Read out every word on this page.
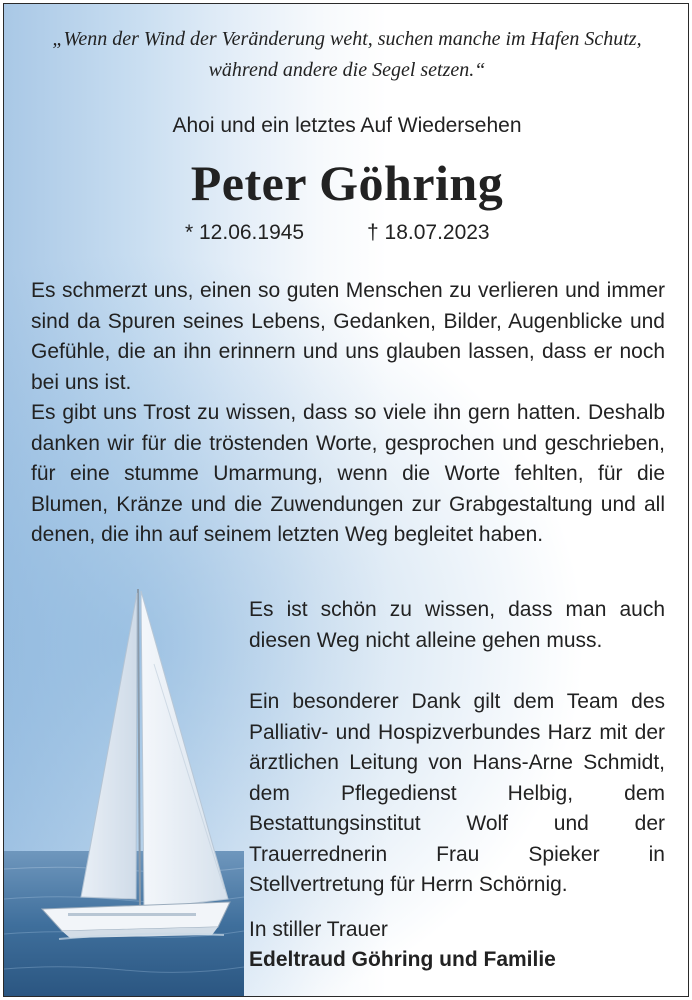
„Wenn der Wind der Veränderung weht, suchen manche im Hafen Schutz,
während andere die Segel setzen.“
Ahoi und ein letztes Auf Wiedersehen
Peter Göhring
* 12.06.1945	† 18.07.2023

Es schmerzt uns, einen so guten Menschen zu verlieren und immer sind da Spuren seines Lebens, Gedanken, Bilder, Augenblicke und Gefühle, die an ihn erinnern und uns glauben lassen, dass er noch bei uns ist.

Es gibt uns Trost zu wissen, dass so viele ihn gern hatten. Deshalb danken wir für die tröstenden Worte, gesprochen und geschrieben, für eine stumme Umarmung, wenn die Worte fehlten, für die Blumen, Kränze und die Zuwendungen zur Grabgestaltung und all denen, die ihn auf seinem letzten Weg begleitet haben.

Es ist schön zu wissen, dass man auch diesen Weg nicht alleine gehen muss.

Ein besonderer Dank gilt dem Team des Palliativ- und Hospizverbundes Harz mit der ärztlichen Leitung von Hans-Arne Schmidt, dem Pflegedienst Helbig, dem Bestattungsinstitut Wolf und der Trauerrednerin Frau Spieker in Stellvertretung für Herrn Schörnig.

In stiller Trauer
Edeltraud Göhring und Familie
